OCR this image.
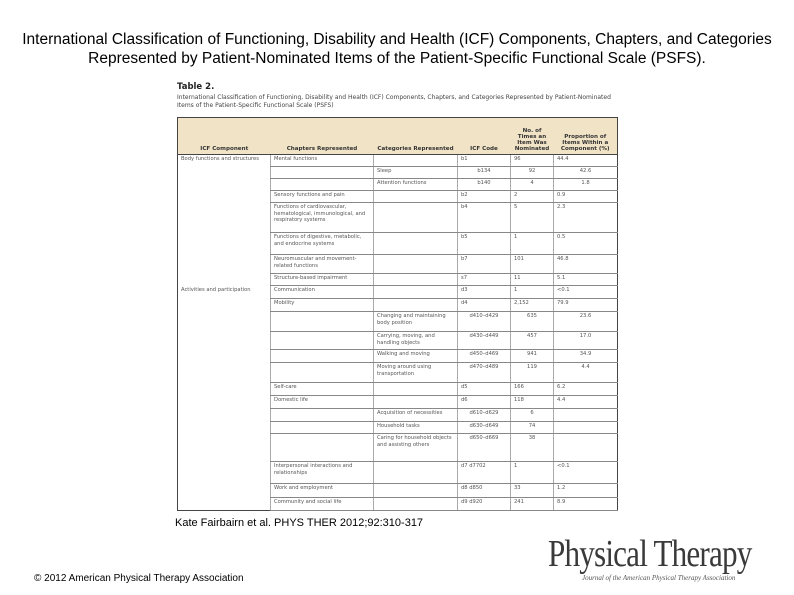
International Classification of Functioning, Disability and Health (ICF) Components, Chapters, and Categories Represented by Patient-Nominated Items of the Patient-Specific Functional Scale (PSFS).
Table 2.
International Classification of Functioning, Disability and Health (ICF) Components, Chapters, and Categories Represented by Patient-Nominated Items of the Patient-Specific Functional Scale (PSFS)
ICF Component	Chapters Represented	Categories Represented	ICF Code	No. of Times an Item Was Nominated	Proportion of Items Within a Component (%)
Body functions and structures	Mental functions		b1	96	44.4
		Sleep	b134	92	42.6
		Attention functions	b140	4	1.8
	Sensory functions and pain		b2	2	0.9
	Functions of cardiovascular, hematological, immunological, and respiratory systems		b4	5	2.3
	Functions of digestive, metabolic, and endocrine systems		b5	1	0.5
	Neuromuscular and movement-related functions		b7	101	46.8
	Structure-based impairment		s7	11	5.1
Activities and participation	Communication		d3	1	<0.1
	Mobility		d4	2,152	79.9
		Changing and maintaining body position	d410–d429	635	23.6
		Carrying, moving, and handling objects	d430–d449	457	17.0
		Walking and moving	d450–d469	941	34.9
		Moving around using transportation	d470–d489	119	4.4
	Self-care		d5	166	6.2
	Domestic life		d6	118	4.4
		Acquisition of necessities	d610–d629	6	
		Household tasks	d630–d649	74	
		Caring for household objects and assisting others	d650–d669	38	
	Interpersonal interactions and relationships		d7 d7702	1	<0.1
	Work and employment		d8 d850	33	1.2
	Community and social life		d9 d920	241	8.9
Kate Fairbairn et al. PHYS THER 2012;92:310-317
© 2012 American Physical Therapy Association
Physical Therapy
Journal of the American Physical Therapy Association
